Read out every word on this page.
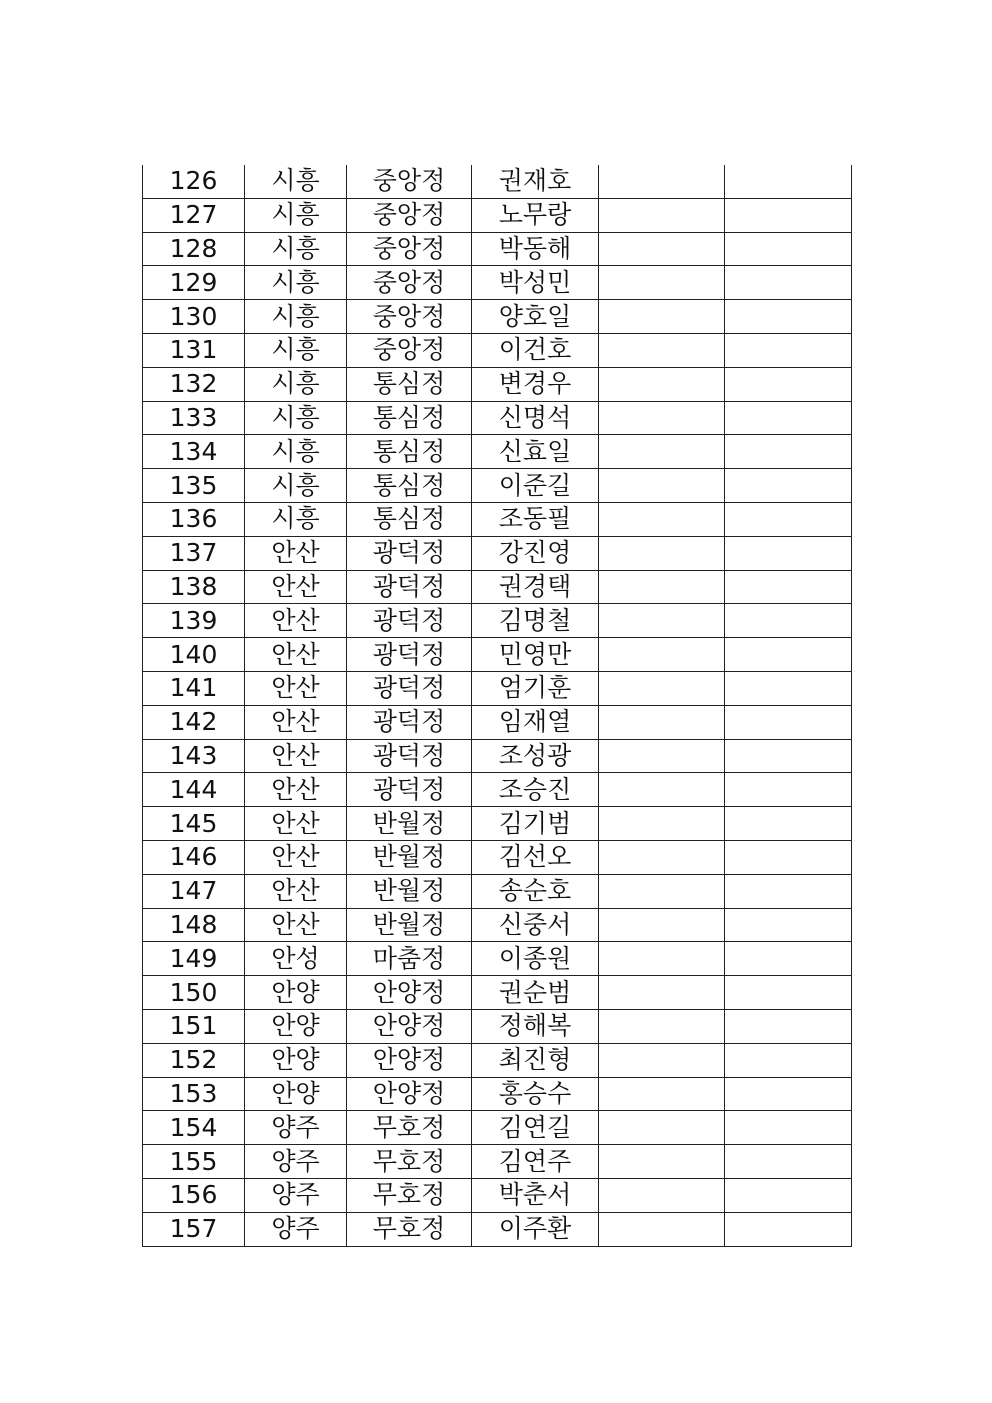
126	시흥	중앙정	권재호		
127	시흥	중앙정	노무랑		
128	시흥	중앙정	박동해		
129	시흥	중앙정	박성민		
130	시흥	중앙정	양호일		
131	시흥	중앙정	이건호		
132	시흥	통심정	변경우		
133	시흥	통심정	신명석		
134	시흥	통심정	신효일		
135	시흥	통심정	이준길		
136	시흥	통심정	조동필		
137	안산	광덕정	강진영		
138	안산	광덕정	권경택		
139	안산	광덕정	김명철		
140	안산	광덕정	민영만		
141	안산	광덕정	엄기훈		
142	안산	광덕정	임재열		
143	안산	광덕정	조성광		
144	안산	광덕정	조승진		
145	안산	반월정	김기범		
146	안산	반월정	김선오		
147	안산	반월정	송순호		
148	안산	반월정	신중서		
149	안성	마춤정	이종원		
150	안양	안양정	권순범		
151	안양	안양정	정해복		
152	안양	안양정	최진형		
153	안양	안양정	홍승수		
154	양주	무호정	김연길		
155	양주	무호정	김연주		
156	양주	무호정	박춘서		
157	양주	무호정	이주환		
